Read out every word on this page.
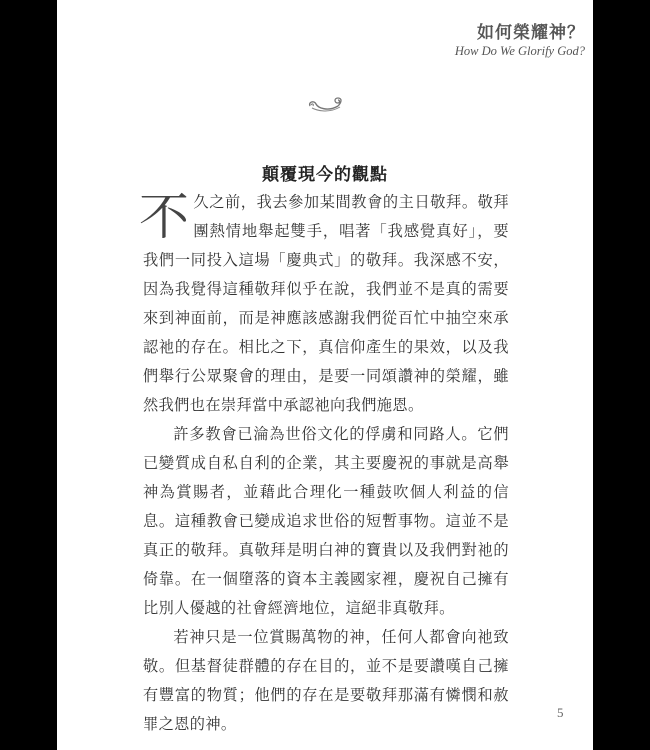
如何榮耀神？
How Do We Glorify God?
顛覆現今的觀點

不久之前，我去參加某間教會的主日敬拜。敬拜團熱情地舉起雙手，唱著「我感覺真好」，要我們一同投入這場「慶典式」的敬拜。我深感不安，因為我覺得這種敬拜似乎在說，我們並不是真的需要來到神面前，而是神應該感謝我們從百忙中抽空來承認祂的存在。相比之下，真信仰產生的果效，以及我們舉行公眾聚會的理由，是要一同頌讚神的榮耀，雖然我們也在崇拜當中承認祂向我們施恩。

許多教會已淪為世俗文化的俘虜和同路人。它們已變質成自私自利的企業，其主要慶祝的事就是高舉神為賞賜者，並藉此合理化一種鼓吹個人利益的信息。這種教會已變成追求世俗的短暫事物。這並不是真正的敬拜。真敬拜是明白神的寶貴以及我們對祂的倚靠。在一個墮落的資本主義國家裡，慶祝自己擁有比別人優越的社會經濟地位，這絕非真敬拜。

若神只是一位賞賜萬物的神，任何人都會向祂致敬。但基督徒群體的存在目的，並不是要讚嘆自己擁有豐富的物質；他們的存在是要敬拜那滿有憐憫和赦罪之恩的神。

5
